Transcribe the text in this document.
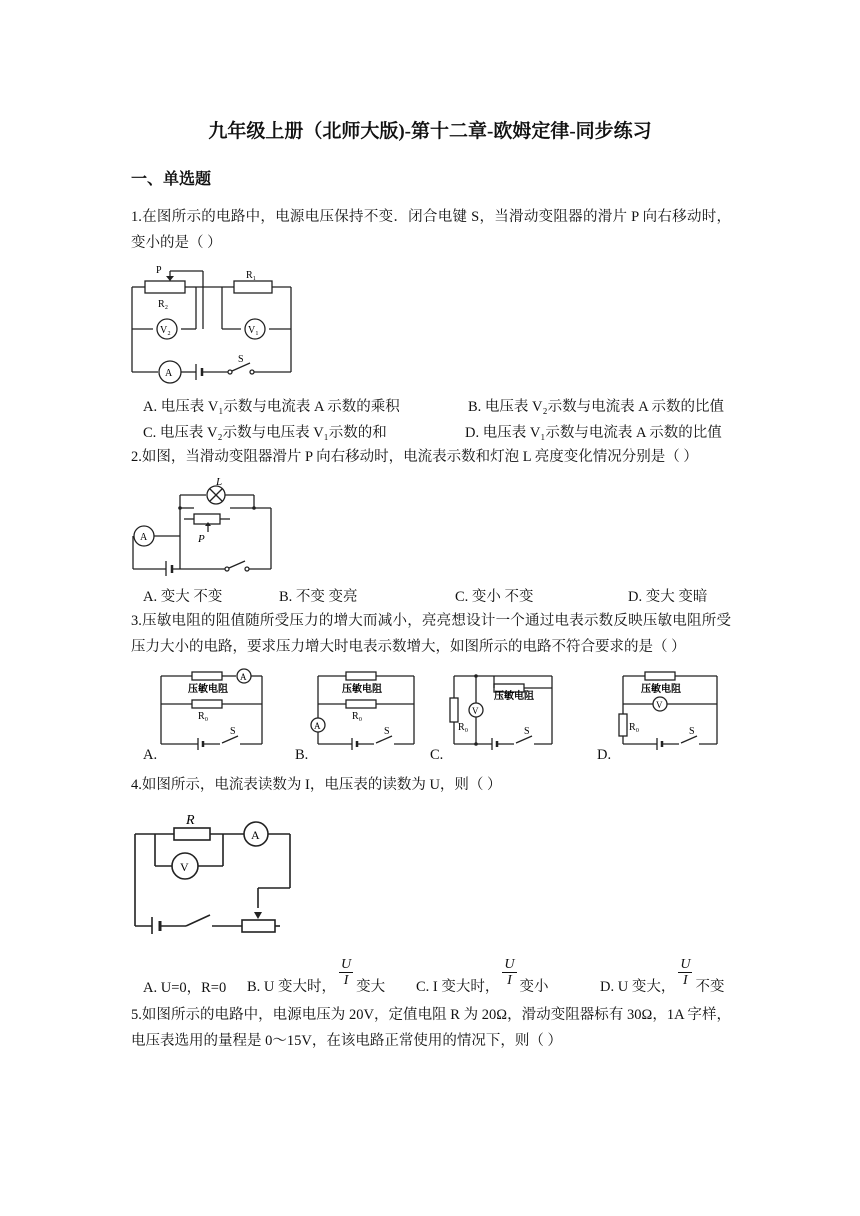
九年级上册（北师大版)-第十二章-欧姆定律-同步练习
一、单选题
1.在图所示的电路中，电源电压保持不变．闭合电键 S，当滑动变阻器的滑片 P 向右移动时，变小的是（ ）
P
R₂
R₁
V₂	V₁
A
S
A. 电压表 V₁示数与电流表 A 示数的乘积	B. 电压表 V₂示数与电流表 A 示数的比值
C. 电压表 V₂示数与电压表 V₁示数的和	D. 电压表 V₁示数与电流表 A 示数的比值
2.如图，当滑动变阻器滑片 P 向右移动时，电流表示数和灯泡 L 亮度变化情况分别是（ ）
L
A	P
A. 变大 不变	B. 不变 变亮	C. 变小 不变	D. 变大 变暗
3.压敏电阻的阻值随所受压力的增大而减小，亮亮想设计一个通过电表示数反映压敏电阻所受压力大小的电路，要求压力增大时电表示数增大，如图所示的电路不符合要求的是（ ）
压敏电阻
R₀
A
S
A.
压敏电阻
R₀
A	S
B.
压敏电阻
R₀
V
S
C.
压敏电阻
R₀
V
S
D.
4.如图所示，电流表读数为 I，电压表的读数为 U，则（ ）
R
A
V
A. U=0，R=0 B. U 变大时， $\frac{U}{I}$ 变大 C. I 变大时， $\frac{U}{I}$ 变小	D. U 变大， $\frac{U}{I}$ 不变
5.如图所示的电路中，电源电压为 20V，定值电阻 R 为 20Ω，滑动变阻器标有 30Ω，1A 字样，电压表选用的量程是 0～15V，在该电路正常使用的情况下，则（ ）
